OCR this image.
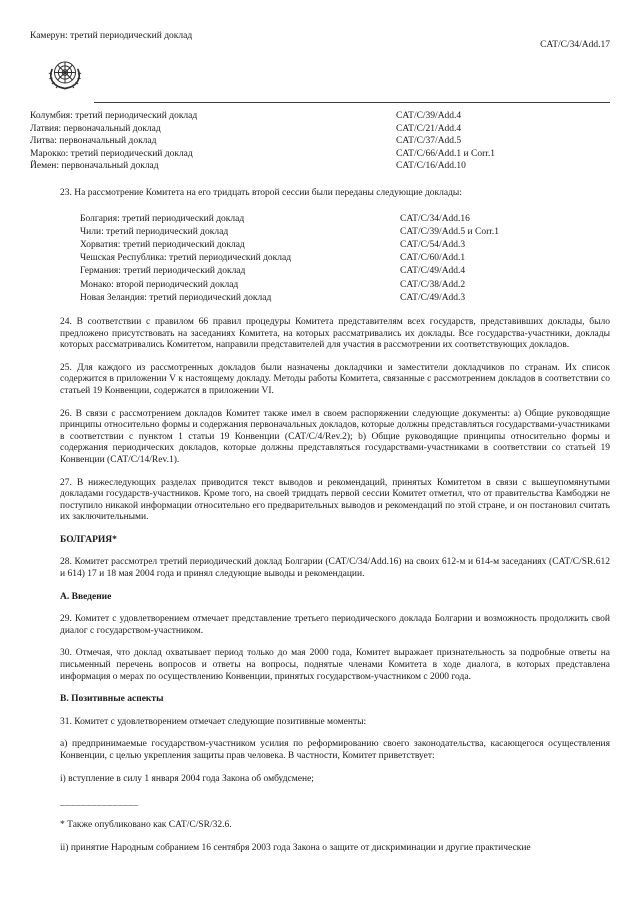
Камерун: третий периодический доклад
CAT/C/34/Add.17
Колумбия: третий периодический доклад	CAT/C/39/Add.4
Латвия: первоначальный доклад	CAT/C/21/Add.4
Литва: первоначальный доклад	CAT/C/37/Add.5
Марокко: третий периодический доклад	CAT/C/66/Add.1 и Corr.1
Йемен: первоначальный доклад	CAT/C/16/Add.10

23. На рассмотрение Комитета на его тридцать второй сессии были переданы следующие доклады:

Болгария: третий периодический доклад	CAT/C/34/Add.16
Чили: третий периодический доклад	CAT/C/39/Add.5 и Corr.1
Хорватия: третий периодический доклад	CAT/C/54/Add.3
Чешская Республика: третий периодический доклад	CAT/C/60/Add.1
Германия: третий периодический доклад	CAT/C/49/Add.4
Монако: второй периодический доклад	CAT/C/38/Add.2
Новая Зеландия: третий периодический доклад	CAT/C/49/Add.3

24. В соответствии с правилом 66 правил процедуры Комитета представителям всех государств, представивших доклады, было предложено присутствовать на заседаниях Комитета, на которых рассматривались их доклады. Все государства-участники, доклады которых рассматривались Комитетом, направили представителей для участия в рассмотрении их соответствующих докладов.

25. Для каждого из рассмотренных докладов были назначены докладчики и заместители докладчиков по странам. Их список содержится в приложении V к настоящему докладу. Методы работы Комитета, связанные с рассмотрением докладов в соответствии со статьей 19 Конвенции, содержатся в приложении VI.

26. В связи с рассмотрением докладов Комитет также имел в своем распоряжении следующие документы: a) Общие руководящие принципы относительно формы и содержания первоначальных докладов, которые должны представляться государствами-участниками в соответствии с пунктом 1 статьи 19 Конвенции (CAT/C/4/Rev.2); b) Общие руководящие принципы относительно формы и содержания периодических докладов, которые должны представляться государствами-участниками в соответствии со статьей 19 Конвенции (CAT/C/14/Rev.1).

27. В нижеследующих разделах приводится текст выводов и рекомендаций, принятых Комитетом в связи с вышеупомянутыми докладами государств-участников. Кроме того, на своей тридцать первой сессии Комитет отметил, что от правительства Камбоджи не поступило никакой информации относительно его предварительных выводов и рекомендаций по этой стране, и он постановил считать их заключительными.

БОЛГАРИЯ*

28. Комитет рассмотрел третий периодический доклад Болгарии (CAT/C/34/Add.16) на своих 612-м и 614-м заседаниях (CAT/C/SR.612 и 614) 17 и 18 мая 2004 года и принял следующие выводы и рекомендации.

A. Введение

29. Комитет с удовлетворением отмечает представление третьего периодического доклада Болгарии и возможность продолжить свой диалог с государством-участником.

30. Отмечая, что доклад охватывает период только до мая 2000 года, Комитет выражает признательность за подробные ответы на письменный перечень вопросов и ответы на вопросы, поднятые членами Комитета в ходе диалога, в которых представлена информация о мерах по осуществлению Конвенции, принятых государством-участником с 2000 года.

B. Позитивные аспекты

31. Комитет с удовлетворением отмечает следующие позитивные моменты:

a) предпринимаемые государством-участником усилия по реформированию своего законодательства, касающегося осуществления Конвенции, с целью укрепления защиты прав человека. В частности, Комитет приветствует:

i) вступление в силу 1 января 2004 года Закона об омбудсмене;

_______________

* Также опубликовано как CAT/C/SR/32.6.

ii) принятие Народным собранием 16 сентября 2003 года Закона о защите от дискриминации и другие практические
